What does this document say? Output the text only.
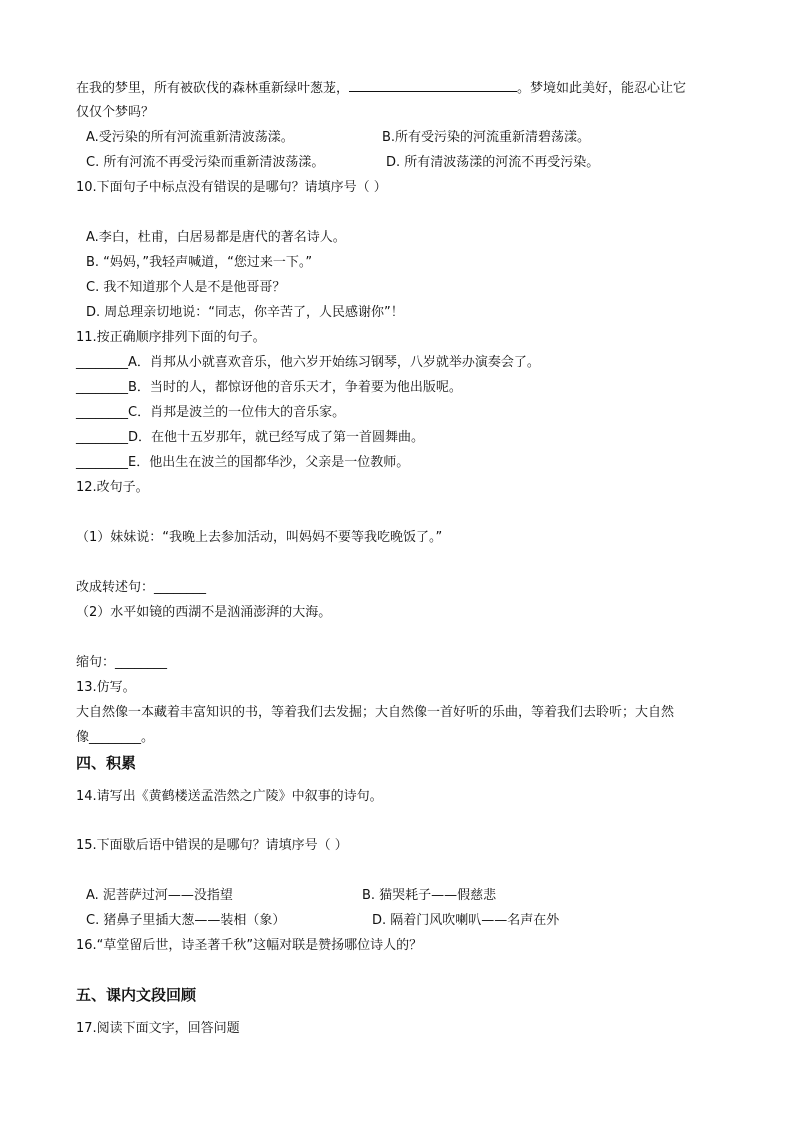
在我的梦里，所有被砍伐的森林重新绿叶葱茏，	。梦境如此美好，能忍心让它
仅仅个梦吗？
A.受污染的所有河流重新清波荡漾。	B.所有受污染的河流重新清碧荡漾。
C. 所有河流不再受污染而重新清波荡漾。	D. 所有清波荡漾的河流不再受污染。
10.下面句子中标点没有错误的是哪句？请填序号（ ）
A.李白，杜甫，白居易都是唐代的著名诗人。
B. “妈妈，”我轻声喊道，“您过来一下。”
C. 我不知道那个人是不是他哥哥？
D. 周总理亲切地说：“同志，你辛苦了，人民感谢你”！
11.按正确顺序排列下面的句子。
________A．肖邦从小就喜欢音乐，他六岁开始练习钢琴，八岁就举办演奏会了。
________B．当时的人，都惊讶他的音乐天才，争着要为他出版呢。
________C．肖邦是波兰的一位伟大的音乐家。
________D．在他十五岁那年，就已经写成了第一首圆舞曲。
________E．他出生在波兰的国都华沙，父亲是一位教师。
12.改句子。
（1）妹妹说：“我晚上去参加活动，叫妈妈不要等我吃晚饭了。”
改成转述句：________
（2）水平如镜的西湖不是汹涌澎湃的大海。
缩句：________
13.仿写。
大自然像一本藏着丰富知识的书，等着我们去发掘；大自然像一首好听的乐曲，等着我们去聆听；大自然
像________。
四、积累
14.请写出《黄鹤楼送孟浩然之广陵》中叙事的诗句。
15.下面歇后语中错误的是哪句？请填序号（ ）
A. 泥菩萨过河——没指望	B. 猫哭耗子——假慈悲
C. 猪鼻子里插大葱——装相（象）	D. 隔着门风吹喇叭——名声在外
16.“草堂留后世，诗圣著千秋”这幅对联是赞扬哪位诗人的？
五、课内文段回顾
17.阅读下面文字，回答问题
